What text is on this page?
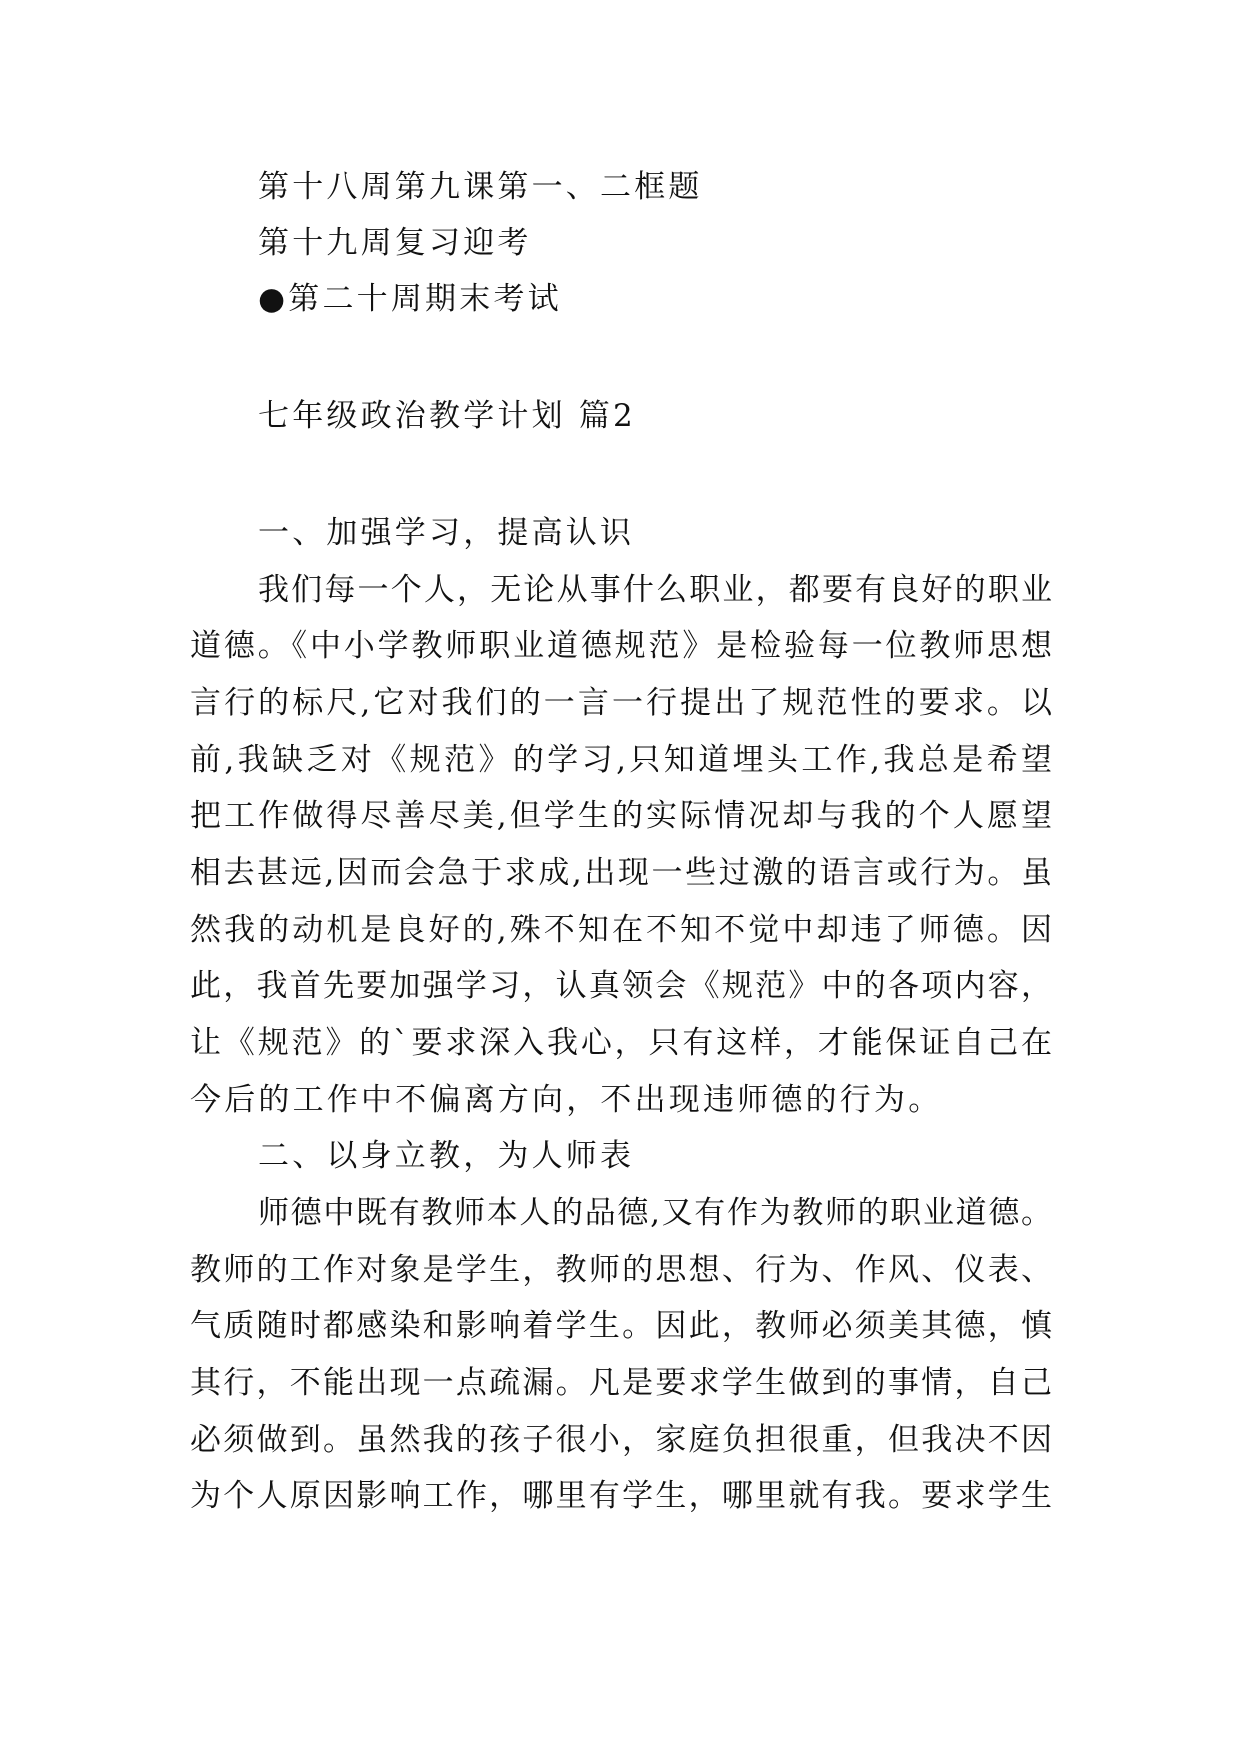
第十八周第九课第一、二框题
第十九周复习迎考
●第二十周期末考试
七年级政治教学计划 篇2
一、加强学习，提高认识
我们每一个人，无论从事什么职业，都要有良好的职业
道德。《中小学教师职业道德规范》是检验每一位教师思想
言行的标尺,它对我们的一言一行提出了规范性的要求。以
前,我缺乏对《规范》的学习,只知道埋头工作,我总是希望
把工作做得尽善尽美,但学生的实际情况却与我的个人愿望
相去甚远,因而会急于求成,出现一些过激的语言或行为。虽
然我的动机是良好的,殊不知在不知不觉中却违了师德。因
此，我首先要加强学习，认真领会《规范》中的各项内容，
让《规范》的`要求深入我心，只有这样，才能保证自己在
今后的工作中不偏离方向，不出现违师德的行为。
二、以身立教，为人师表
师德中既有教师本人的品德,又有作为教师的职业道德。
教师的工作对象是学生，教师的思想、行为、作风、仪表、
气质随时都感染和影响着学生。因此，教师必须美其德，慎
其行，不能出现一点疏漏。凡是要求学生做到的事情，自己
必须做到。虽然我的孩子很小，家庭负担很重，但我决不因
为个人原因影响工作，哪里有学生，哪里就有我。要求学生
